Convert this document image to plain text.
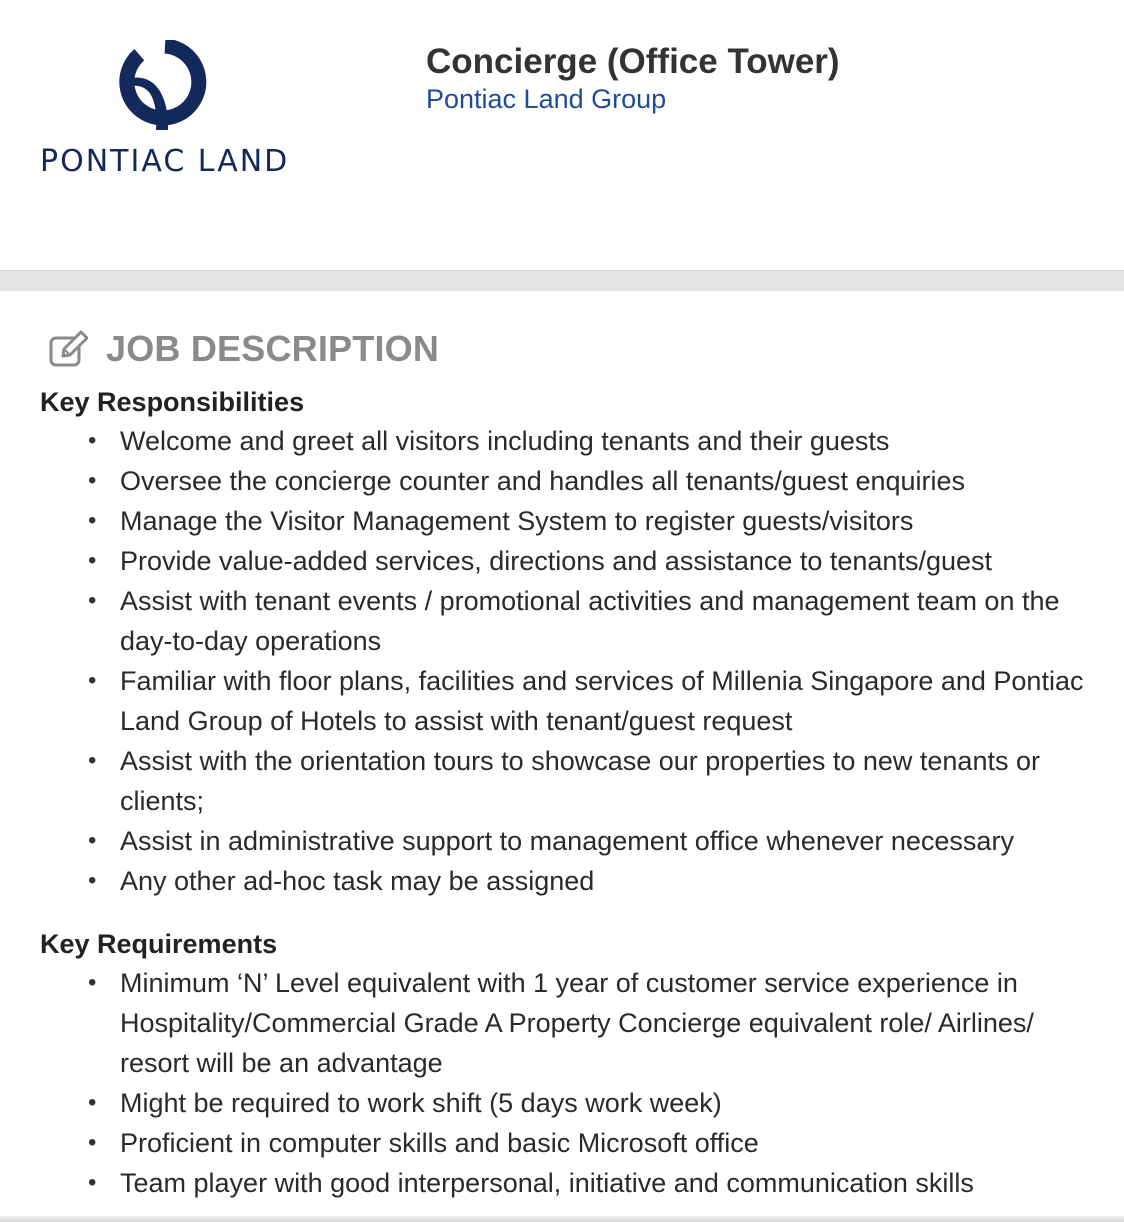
PONTIAC LAND
Concierge (Office Tower)
Pontiac Land Group
JOB DESCRIPTION
Key Responsibilities
• Welcome and greet all visitors including tenants and their guests
• Oversee the concierge counter and handles all tenants/guest enquiries
• Manage the Visitor Management System to register guests/visitors
• Provide value-added services, directions and assistance to tenants/guest
• Assist with tenant events / promotional activities and management team on the day-to-day operations
• Familiar with floor plans, facilities and services of Millenia Singapore and Pontiac Land Group of Hotels to assist with tenant/guest request
• Assist with the orientation tours to showcase our properties to new tenants or clients;
• Assist in administrative support to management office whenever necessary
• Any other ad-hoc task may be assigned
Key Requirements
• Minimum ‘N’ Level equivalent with 1 year of customer service experience in Hospitality/Commercial Grade A Property Concierge equivalent role/ Airlines/ resort will be an advantage
• Might be required to work shift (5 days work week)
• Proficient in computer skills and basic Microsoft office
• Team player with good interpersonal, initiative and communication skills
